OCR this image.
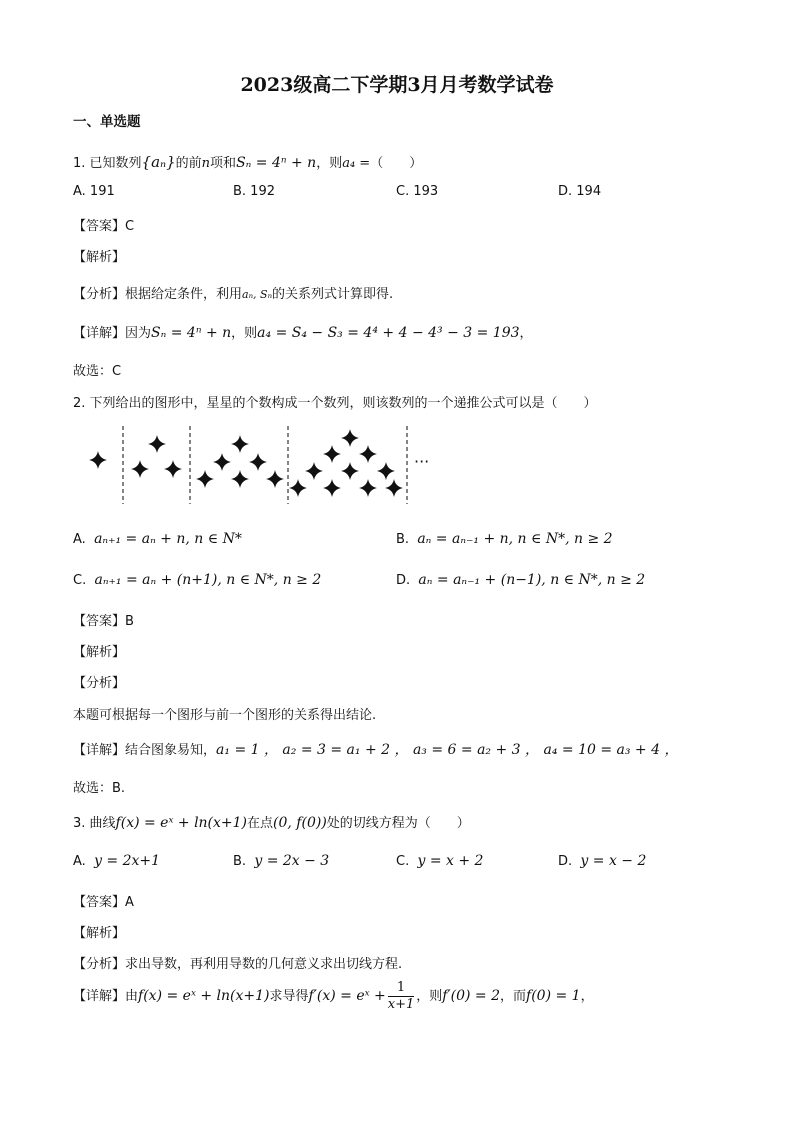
2023级高二下学期3月月考数学试卷
一、单选题
1. 已知数列{aₙ}的前n项和Sₙ = 4ⁿ + n，则a₄ =（　　）
A. 191	B. 192	C. 193	D. 194
【答案】C
【解析】
【分析】根据给定条件，利用aₙ, Sₙ的关系列式计算即得.
【详解】因为Sₙ = 4ⁿ + n，则a₄ = S₄ − S₃ = 4⁴ + 4 − 4³ − 3 = 193，
故选：C
2. 下列给出的图形中，星星的个数构成一个数列，则该数列的一个递推公式可以是（　　）
···
A. aₙ₊₁ = aₙ + n, n ∈ N*	B. aₙ = aₙ₋₁ + n, n ∈ N*, n ≥ 2
C. aₙ₊₁ = aₙ + (n+1), n ∈ N*, n ≥ 2	D. aₙ = aₙ₋₁ + (n−1), n ∈ N*, n ≥ 2
【答案】B
【解析】
【分析】
本题可根据每一个图形与前一个图形的关系得出结论.
【详解】结合图象易知，a₁ = 1 ， a₂ = 3 = a₁ + 2 ， a₃ = 6 = a₂ + 3 ， a₄ = 10 = a₃ + 4 ，
故选：B.
3. 曲线f(x) = eˣ + ln(x+1)在点(0, f(0))处的切线方程为（　　）
A. y = 2x+1	B. y = 2x − 3	C. y = x + 2	D. y = x − 2
【答案】A
【解析】
【分析】求出导数，再利用导数的几何意义求出切线方程.
【详解】由f(x) = eˣ + ln(x+1)求导得f′(x) = eˣ + $\frac{1}{x+1}$ ，则f′(0) = 2，而f(0) = 1，
